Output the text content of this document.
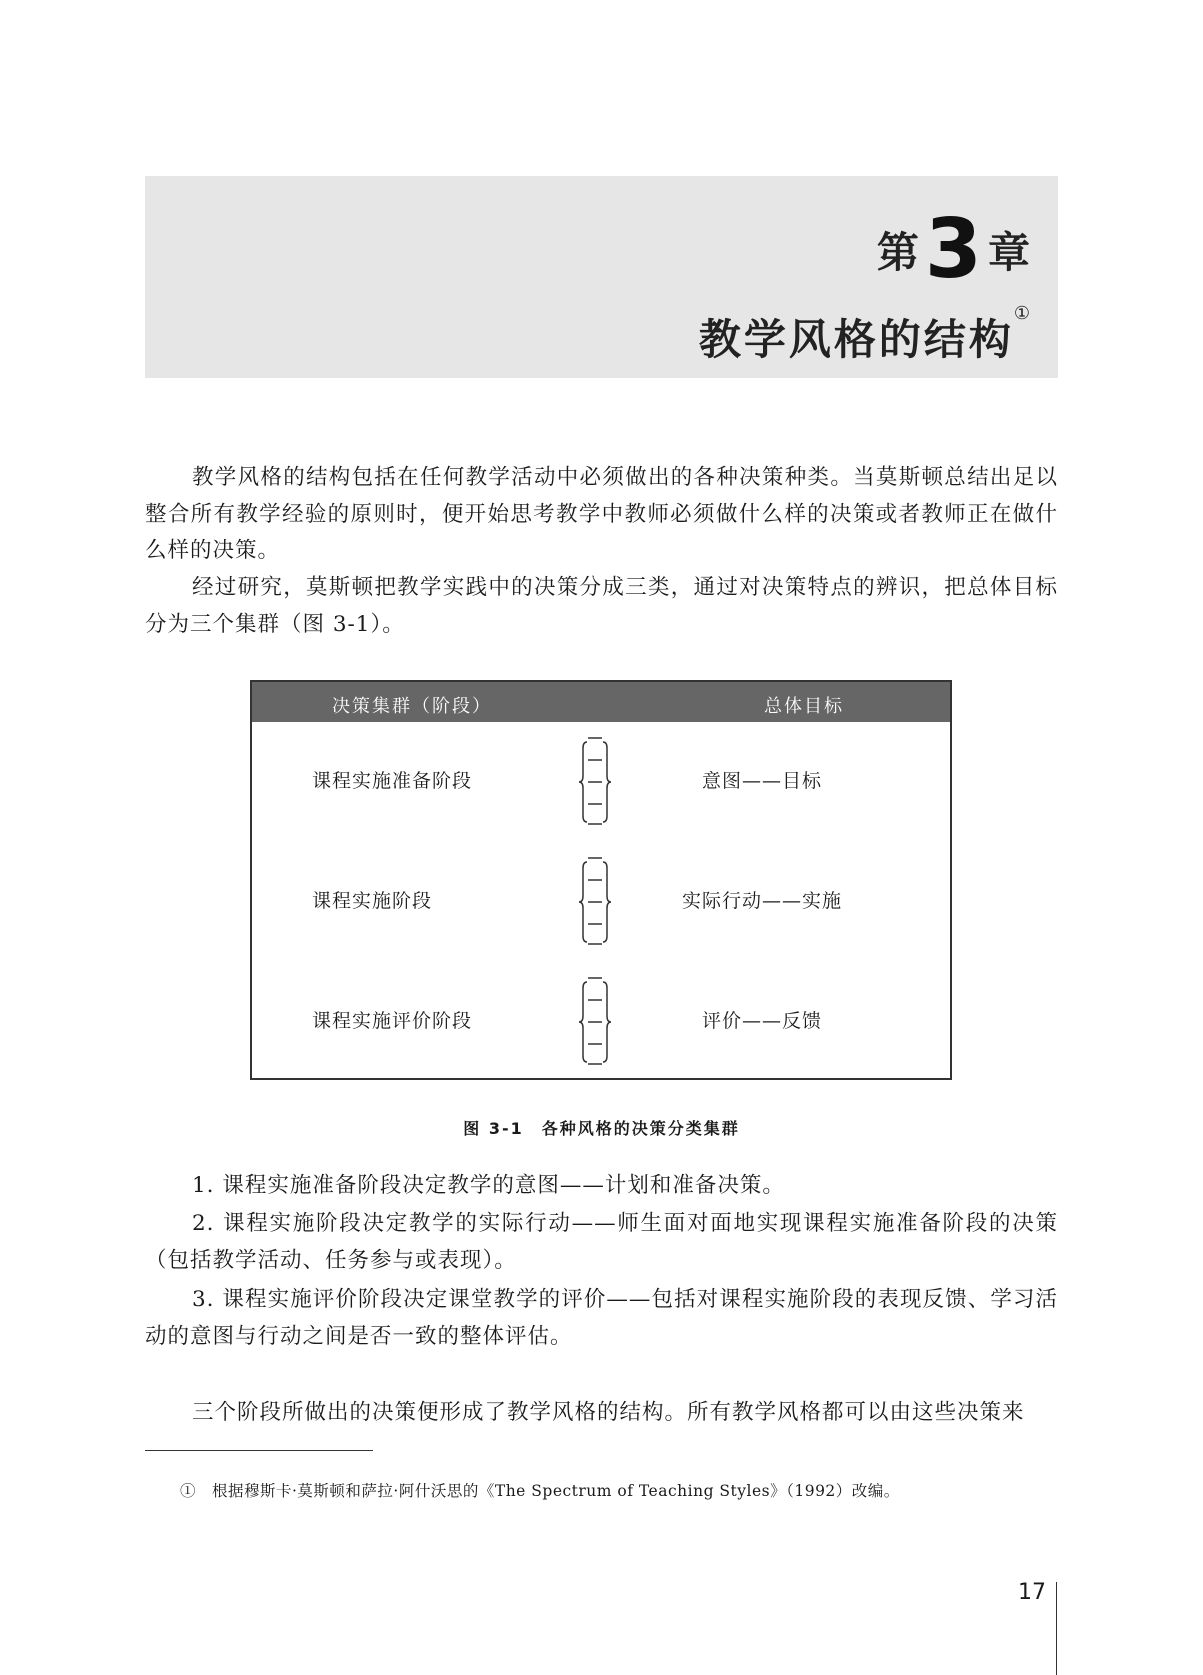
第 3 章
教学风格的结构①

教学风格的结构包括在任何教学活动中必须做出的各种决策种类。当莫斯顿总结出足以整合所有教学经验的原则时，便开始思考教学中教师必须做什么样的决策或者教师正在做什么样的决策。

经过研究，莫斯顿把教学实践中的决策分成三类，通过对决策特点的辨识，把总体目标分为三个集群（图 3-1）。

决策集群（阶段）	总体目标
课程实施准备阶段	意图——目标
课程实施阶段	实际行动——实施
课程实施评价阶段	评价——反馈
图 3-1　各种风格的决策分类集群

1. 课程实施准备阶段决定教学的意图——计划和准备决策。

2. 课程实施阶段决定教学的实际行动——师生面对面地实现课程实施准备阶段的决策（包括教学活动、任务参与或表现）。

3. 课程实施评价阶段决定课堂教学的评价——包括对课程实施阶段的表现反馈、学习活动的意图与行动之间是否一致的整体评估。

三个阶段所做出的决策便形成了教学风格的结构。所有教学风格都可以由这些决策来

①　根据穆斯卡·莫斯顿和萨拉·阿什沃思的《The Spectrum of Teaching Styles》（1992）改编。
17
